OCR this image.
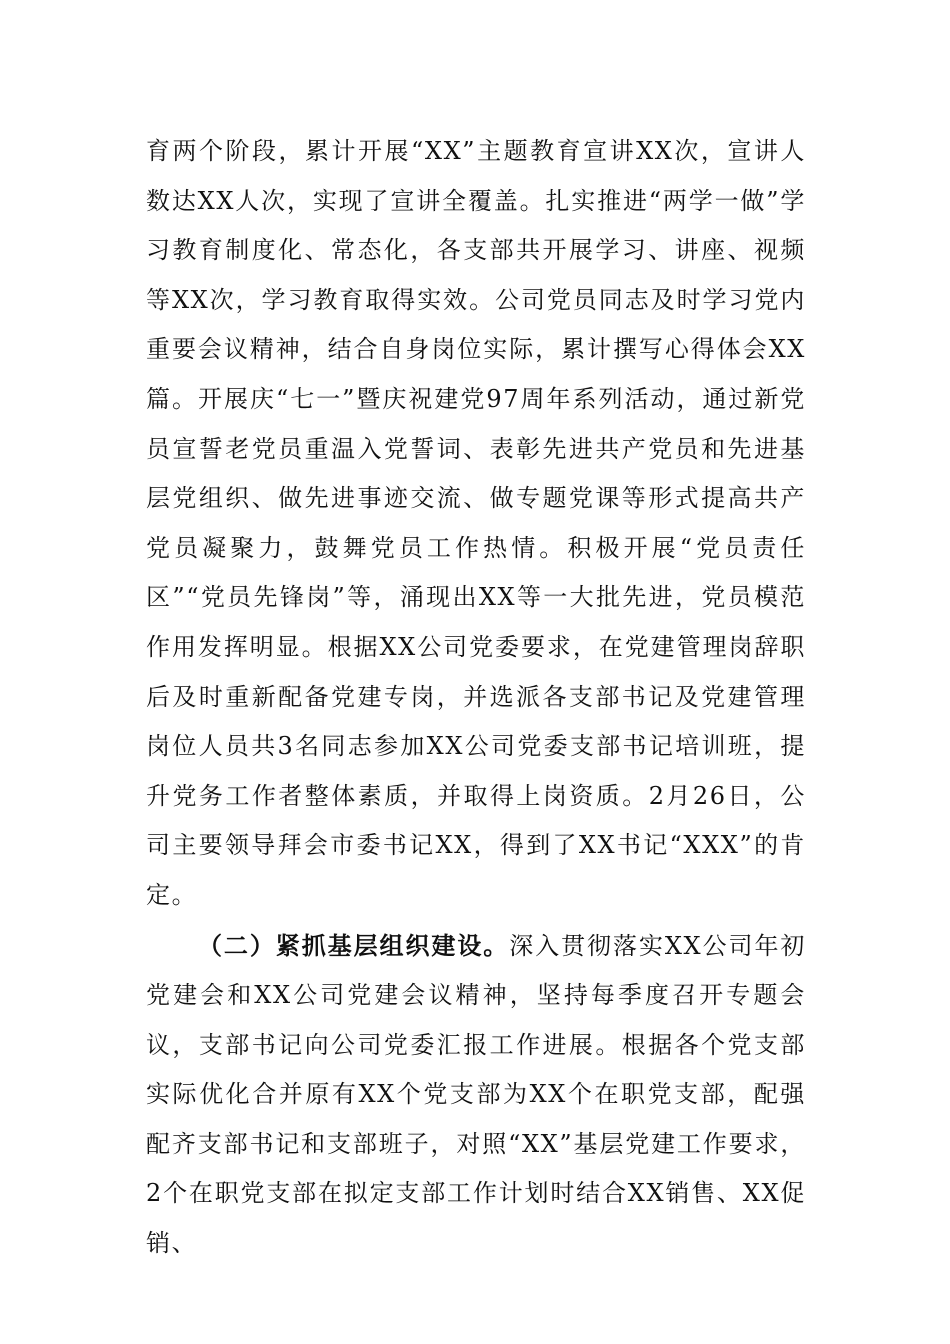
育两个阶段，累计开展“XX”主题教育宣讲XX次，宣讲人数达XX人次，实现了宣讲全覆盖。扎实推进“两学一做”学习教育制度化、常态化，各支部共开展学习、讲座、视频等XX次，学习教育取得实效。公司党员同志及时学习党内重要会议精神，结合自身岗位实际，累计撰写心得体会XX篇。开展庆“七一”暨庆祝建党97周年系列活动，通过新党员宣誓老党员重温入党誓词、表彰先进共产党员和先进基层党组织、做先进事迹交流、做专题党课等形式提高共产党员凝聚力，鼓舞党员工作热情。积极开展“党员责任区”“党员先锋岗”等，涌现出XX等一大批先进，党员模范作用发挥明显。根据XX公司党委要求，在党建管理岗辞职后及时重新配备党建专岗，并选派各支部书记及党建管理岗位人员共3名同志参加XX公司党委支部书记培训班，提升党务工作者整体素质，并取得上岗资质。2月26日，公司主要领导拜会市委书记XX，得到了XX书记“XXX”的肯定。

（二）紧抓基层组织建设。深入贯彻落实XX公司年初党建会和XX公司党建会议精神，坚持每季度召开专题会议，支部书记向公司党委汇报工作进展。根据各个党支部实际优化合并原有XX个党支部为XX个在职党支部，配强配齐支部书记和支部班子，对照“XX”基层党建工作要求，2个在职党支部在拟定支部工作计划时结合XX销售、XX促销、
